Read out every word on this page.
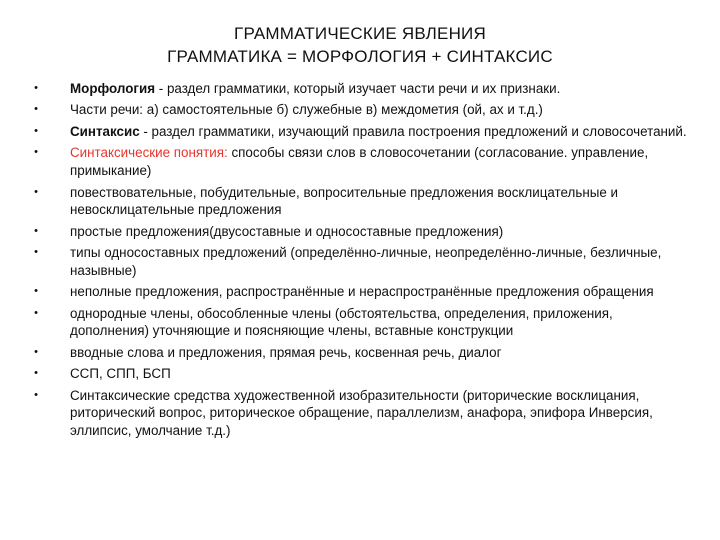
ГРАММАТИЧЕСКИЕ ЯВЛЕНИЯ
ГРАММАТИКА = МОРФОЛОГИЯ + СИНТАКСИС
•	Морфология - раздел грамматики, который изучает части речи и их признаки.
•	Части речи: а) самостоятельные б) служебные в) междометия (ой, ах и т.д.)
•	Синтаксис - раздел грамматики, изучающий правила построения предложений и словосочетаний.
•	Синтаксические понятия: способы связи слов в словосочетании (согласование. управление, примыкание)
•	повествовательные, побудительные, вопросительные предложения восклицательные и невосклицательные предложения
•	простые предложения(двусоставные и односоставные предложения)
•	типы односоставных предложений (определённо-личные, неопределённо-личные, безличные, назывные)
•	неполные предложения, распространённые и нераспространённые предложения обращения
•	однородные члены, обособленные члены (обстоятельства, определения, приложения, дополнения) уточняющие и поясняющие члены, вставные конструкции
•	вводные слова и предложения, прямая речь, косвенная речь, диалог
•	ССП, СПП, БСП
•	Синтаксические средства художественной изобразительности (риторические восклицания, риторический вопрос, риторическое обращение, параллелизм, анафора, эпифора Инверсия, эллипсис, умолчание т.д.)
